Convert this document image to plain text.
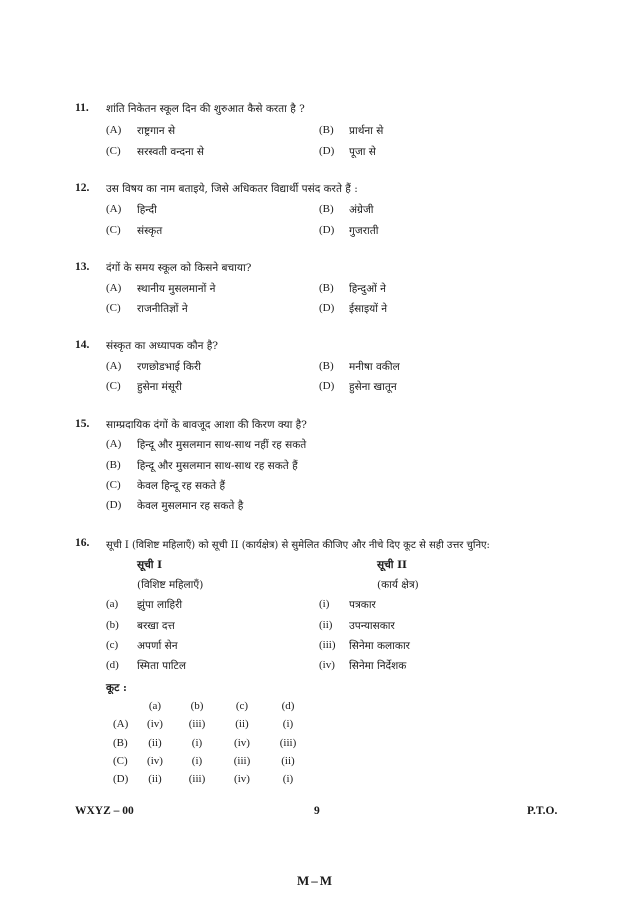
11. शांति निकेतन स्कूल दिन की शुरुआत कैसे करता है ?
(A) राष्ट्रगान से	(B) प्रार्थना से
(C) सरस्वती वन्दना से	(D) पूजा से
12. उस विषय का नाम बताइये, जिसे अधिकतर विद्यार्थी पसंद करते हैं :
(A) हिन्दी	(B) अंग्रेजी
(C) संस्कृत	(D) गुजराती
13. दंगों के समय स्कूल को किसने बचाया?
(A) स्थानीय मुसलमानों ने	(B) हिन्दुओं ने
(C) राजनीतिज्ञों ने	(D) ईसाइयों ने
14. संस्कृत का अध्यापक कौन है?
(A) रणछोडभाई किरी	(B) मनीषा वकील
(C) हुसेना मंसूरी	(D) हुसेना खातून
15. साम्प्रदायिक दंगों के बावजूद आशा की किरण क्या है?
(A) हिन्दू और मुसलमान साथ-साथ नहीं रह सकते
(B) हिन्दू और मुसलमान साथ-साथ रह सकते हैं
(C) केवल हिन्दू रह सकते हैं
(D) केवल मुसलमान रह सकते है
16. सूची I (विशिष्ट महिलाएँ) को सूची II (कार्यक्षेत्र) से सुमेलित कीजिए और नीचे दिए कूट से सही उत्तर चुनिए:
सूची I	सूची II
(विशिष्ट महिलाएँ)	(कार्य क्षेत्र)
(a) झुंपा लाहिरी	(i) पत्रकार
(b) बरखा दत्त	(ii) उपन्यासकार
(c) अपर्णा सेन	(iii) सिनेमा कलाकार
(d) स्मिता पाटिल	(iv) सिनेमा निर्देशक
कूट :
(a)	(b)	(c)	(d)
(A)	(iv)	(iii)	(ii)	(i)
(B)	(ii)	(i)	(iv)	(iii)
(C)	(iv)	(i)	(iii)	(ii)
(D)	(ii)	(iii)	(iv)	(i)
WXYZ – 00	9	P.T.O.
M–M
